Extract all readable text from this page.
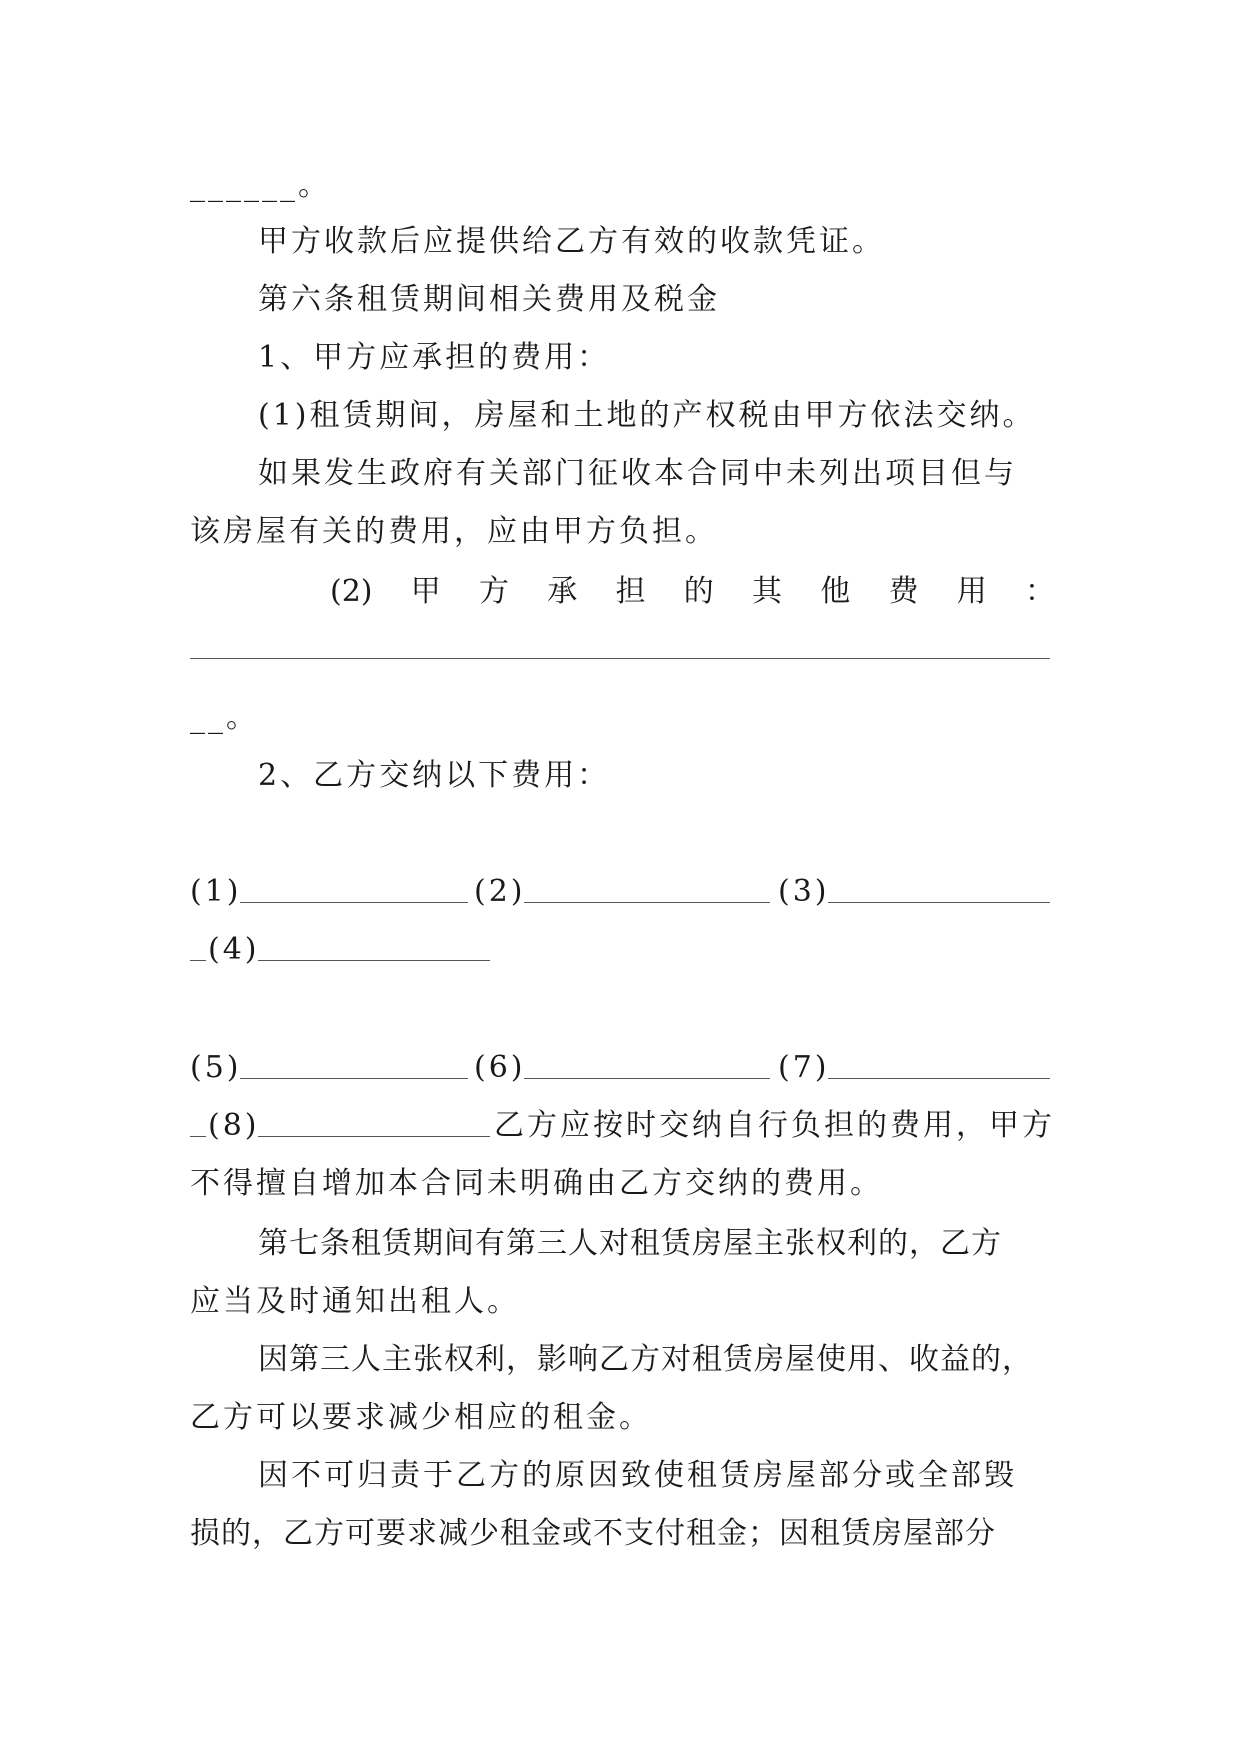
______。
甲方收款后应提供给乙方有效的收款凭证。
第六条租赁期间相关费用及税金
1、甲方应承担的费用：
(1)租赁期间，房屋和土地的产权税由甲方依法交纳。
如果发生政府有关部门征收本合同中未列出项目但与
该房屋有关的费用，应由甲方负担。
(2) 甲 方 承 担 的 其 他 费 用 ：
__。
2、乙方交纳以下费用：
(1)	(2)	(3)
(4)
(5)	(6)	(7)
(8)	乙方应按时交纳自行负担的费用，甲方
不得擅自增加本合同未明确由乙方交纳的费用。
第七条租赁期间有第三人对租赁房屋主张权利的，乙方
应当及时通知出租人。
因第三人主张权利，影响乙方对租赁房屋使用、收益的，
乙方可以要求减少相应的租金。
因不可归责于乙方的原因致使租赁房屋部分或全部毁
损的，乙方可要求减少租金或不支付租金；因租赁房屋部分
